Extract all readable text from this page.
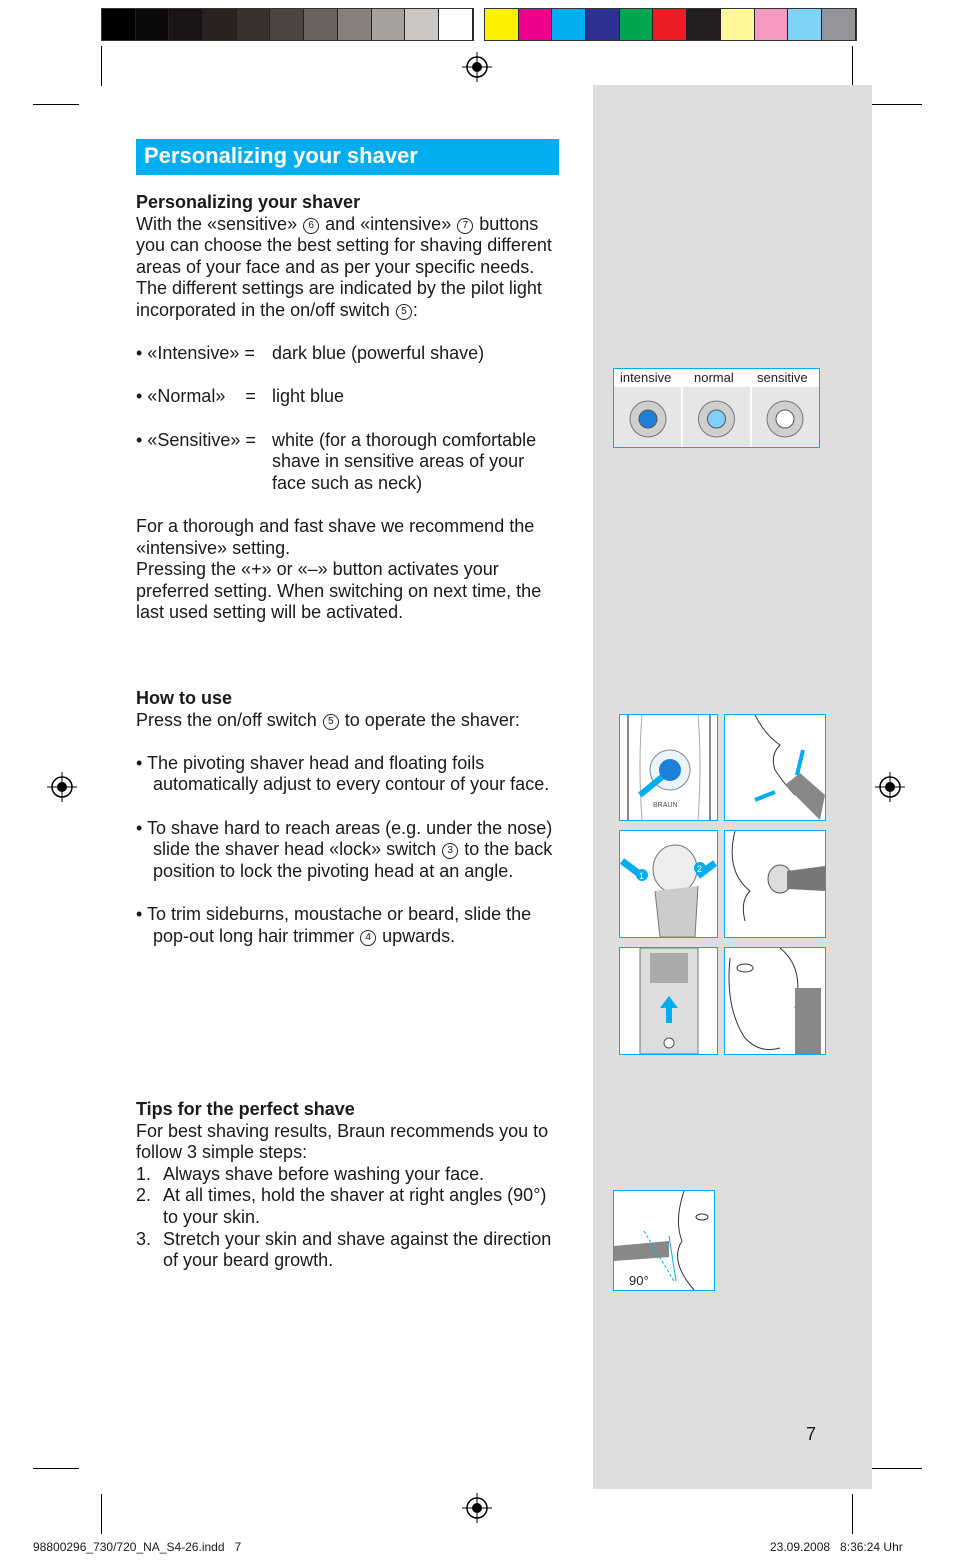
Personalizing your shaver

Personalizing your shaver

With the «sensitive» 6 and «intensive» 7 buttons you can choose the best setting for shaving different areas of your face and as per your specific needs. The different settings are indicated by the pilot light incorporated in the on/off switch 5 :

• «Intensive» = dark blue (powerful shave)
• «Normal»    = light blue
• «Sensitive» = white (for a thorough comfortable shave in sensitive areas of your face such as neck)

For a thorough and fast shave we recommend the «intensive» setting.

Pressing the «+» or «–» button activates your preferred setting. When switching on next time, the last used setting will be activated.

How to use

Press the on/off switch 5 to operate the shaver:

• The pivoting shaver head and floating foils automatically adjust to every contour of your face.

• To shave hard to reach areas (e.g. under the nose) slide the shaver head «lock» switch 3 to the back position to lock the pivoting head at an angle.

• To trim sideburns, moustache or beard, slide the pop-out long hair trimmer 4 upwards.

Tips for the perfect shave

For best shaving results, Braun recommends you to follow 3 simple steps:

1. Always shave before washing your face.

2. At all times, hold the shaver at right angles (90°) to your skin.

3. Stretch your skin and shave against the direction of your beard growth.

intensive normal sensitive
BRAUN
1
2
90°
7
98800296_730/720_NA_S4-26.indd   7	23.09.2008   8:36:24 Uhr
